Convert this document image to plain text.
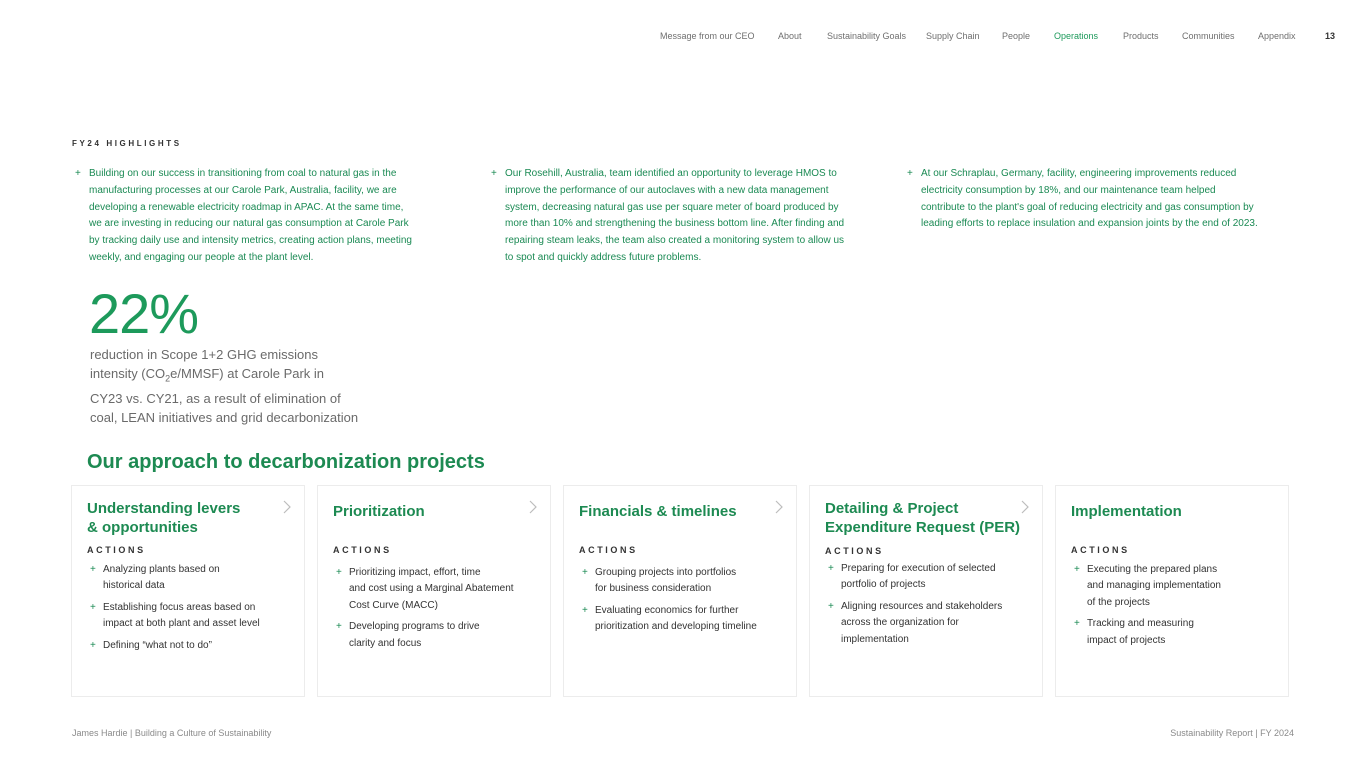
Message from our CEO	About	Sustainability Goals Supply Chain People	Operations	Products	Communities	Appendix	13
FY24 HIGHLIGHTS
+ Building on our success in transitioning from coal to natural gas in the
manufacturing processes at our Carole Park, Australia, facility, we are
developing a renewable electricity roadmap in APAC. At the same time,
we are investing in reducing our natural gas consumption at Carole Park
by tracking daily use and intensity metrics, creating action plans, meeting
weekly, and engaging our people at the plant level.
+ Our Rosehill, Australia, team identified an opportunity to leverage HMOS to
improve the performance of our autoclaves with a new data management
system, decreasing natural gas use per square meter of board produced by
more than 10% and strengthening the business bottom line. After finding and
repairing steam leaks, the team also created a monitoring system to allow us
to spot and quickly address future problems.
+ At our Schraplau, Germany, facility, engineering improvements reduced
electricity consumption by 18%, and our maintenance team helped
contribute to the plant's goal of reducing electricity and gas consumption by
leading efforts to replace insulation and expansion joints by the end of 2023.
22%
reduction in Scope 1+2 GHG emissions
intensity $(CO_2e/MMSF)$ at Carole Park in
CY23 vs. CY21, as a result of elimination of
coal, LEAN initiatives and grid decarbonization
Our approach to decarbonization projects
Understanding levers
& opportunities
ACTIONS
+ Analyzing plants based on
historical data
+ Establishing focus areas based on
impact at both plant and asset level
+ Defining “what not to do”
Prioritization
ACTIONS
+ Prioritizing impact, effort, time
and cost using a Marginal Abatement
Cost Curve (MACC)
+ Developing programs to drive
clarity and focus
Financials & timelines
ACTIONS
+ Grouping projects into portfolios
for business consideration
+ Evaluating economics for further
prioritization and developing timeline
Detailing & Project
Expenditure Request (PER)
ACTIONS
+ Preparing for execution of selected
portfolio of projects
+ Aligning resources and stakeholders
across the organization for
implementation
Implementation
ACTIONS
+ Executing the prepared plans
and managing implementation
of the projects
+ Tracking and measuring
impact of projects
James Hardie | Building a Culture of Sustainability	Sustainability Report | FY 2024
